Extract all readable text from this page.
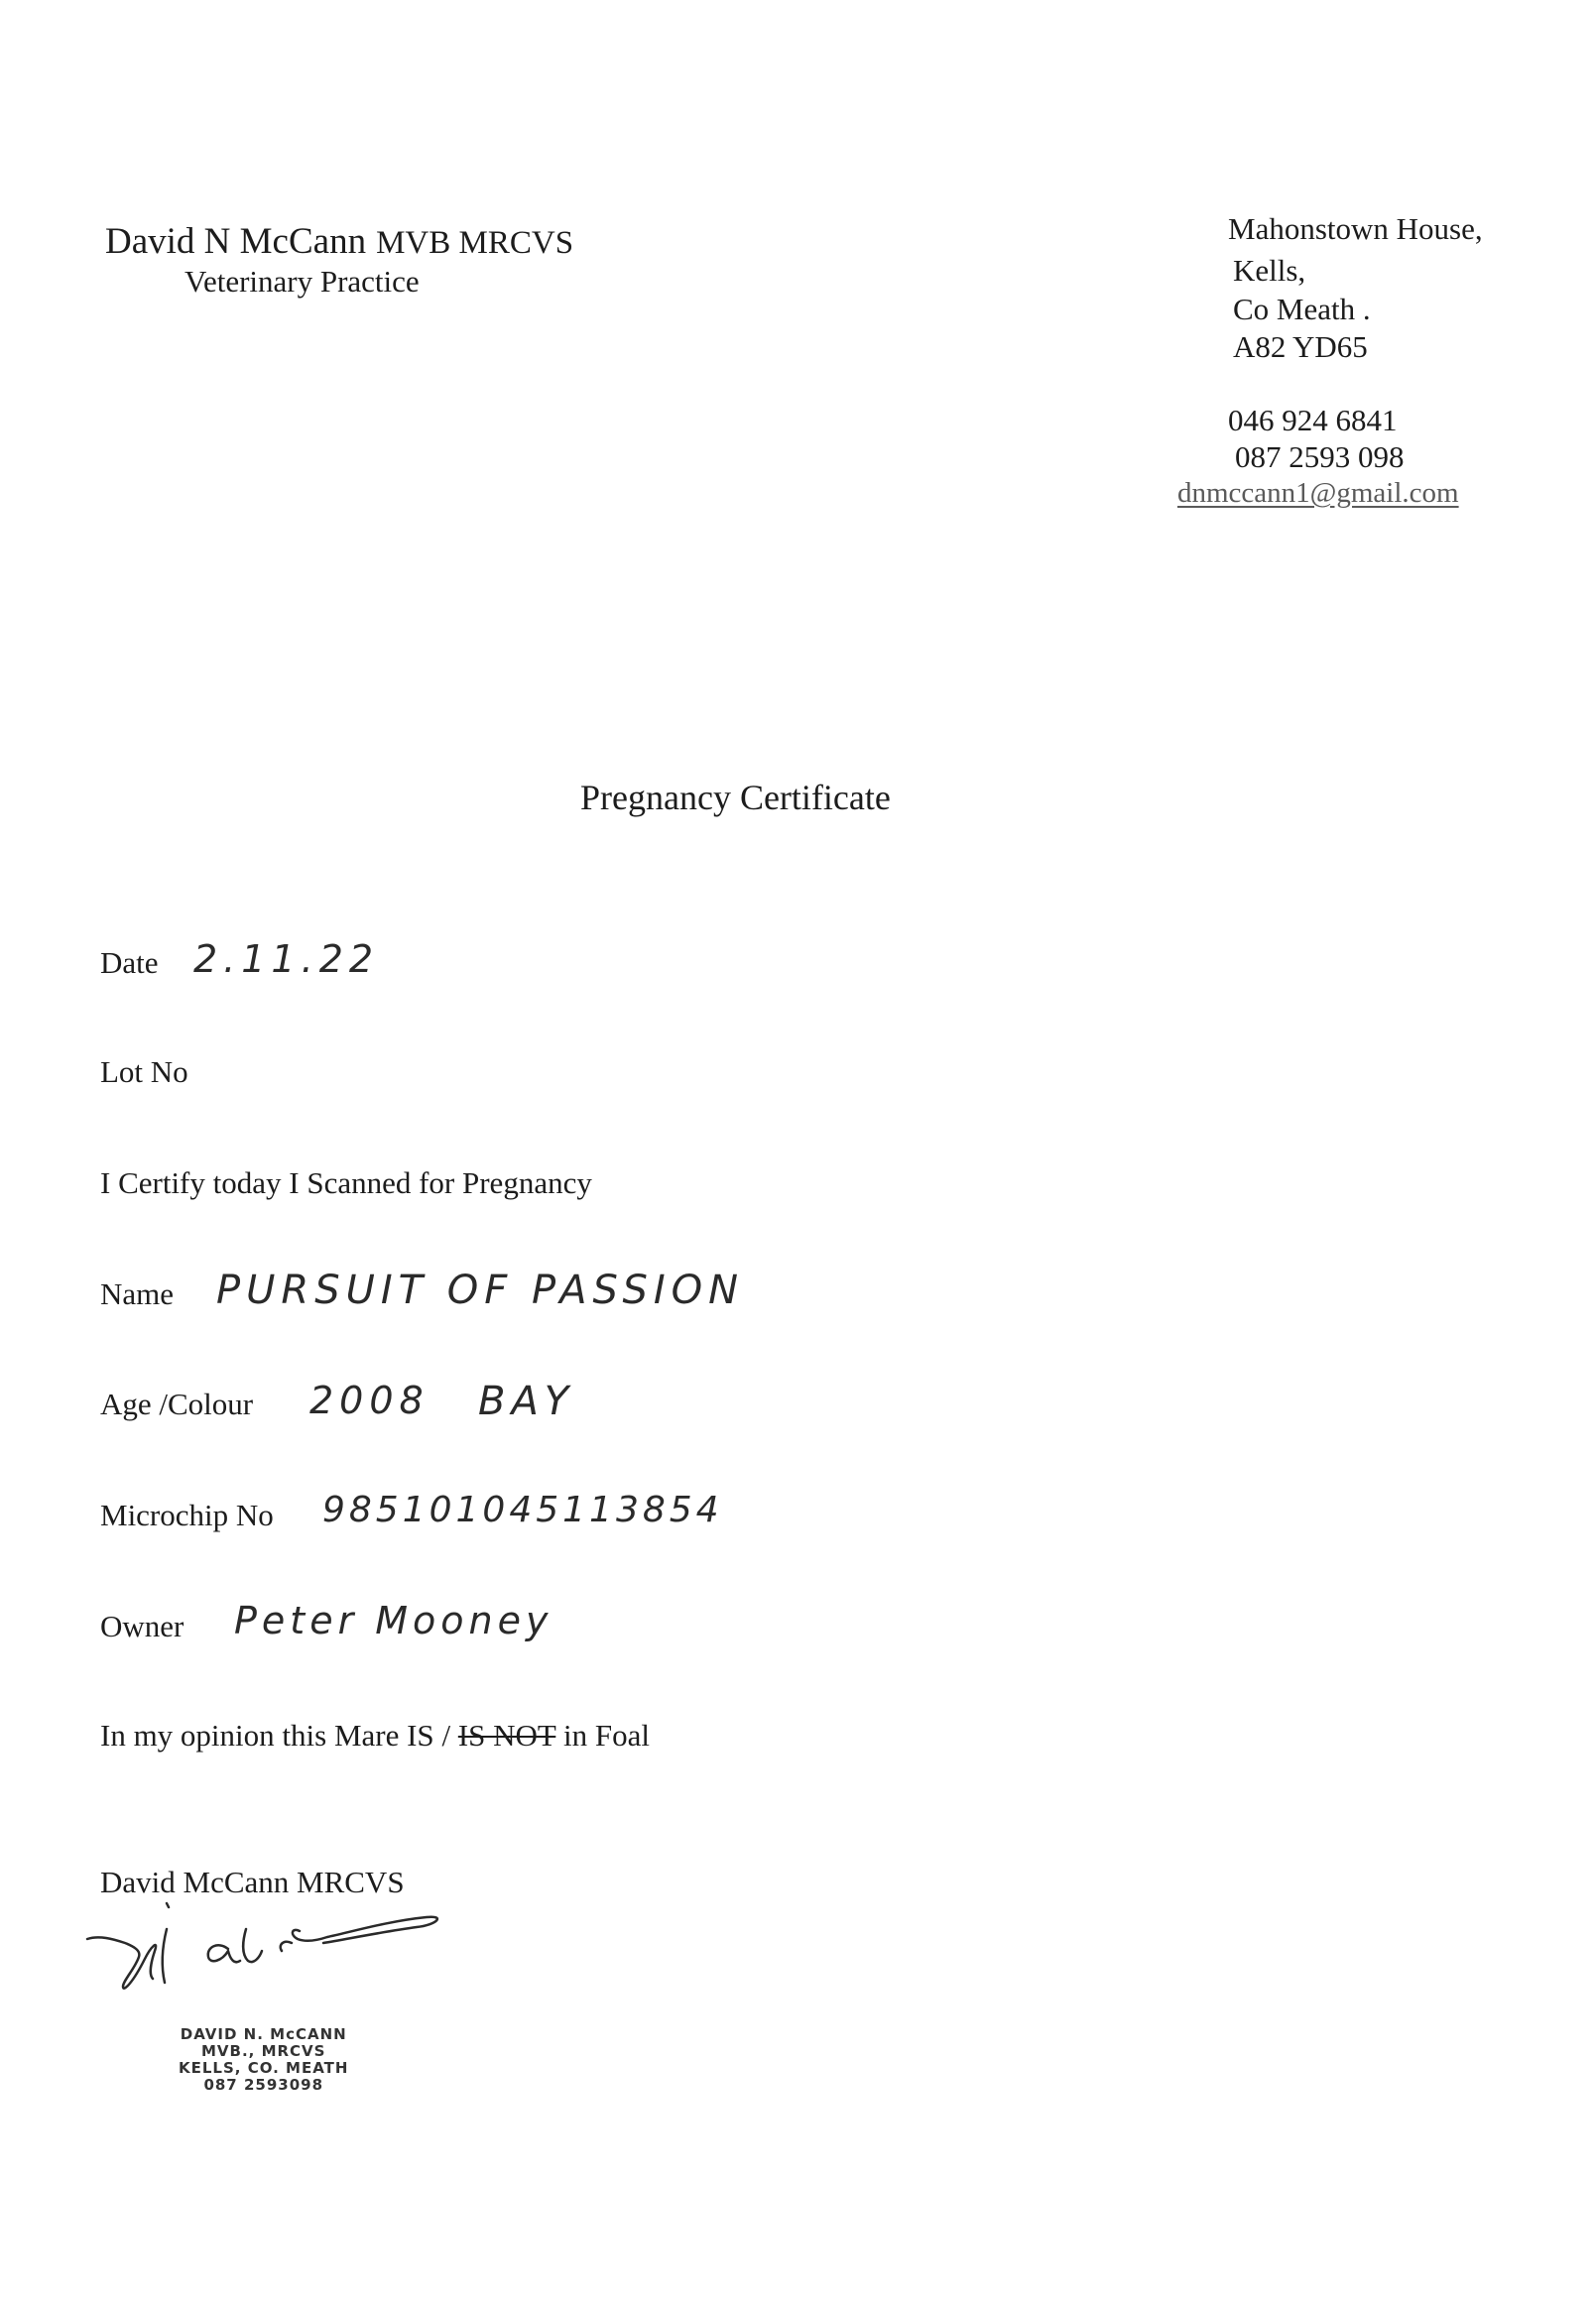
David N McCann MVB MRCVS
Veterinary Practice
Mahonstown House,
Kells,
Co Meath .
A82 YD65
046 924 6841
087 2593 098
dnmccann1@gmail.com
Pregnancy Certificate
Date 2.11.22
Lot No
I Certify today I Scanned for Pregnancy
Name PURSUIT OF PASSION
Age /Colour 2008 BAY
Microchip No 985101045113854
Owner Peter Mooney
In my opinion this Mare IS / IS NOT in Foal
David McCann MRCVS
DAVID N. McCANN
MVB., MRCVS
KELLS, CO. MEATH
087 2593098
